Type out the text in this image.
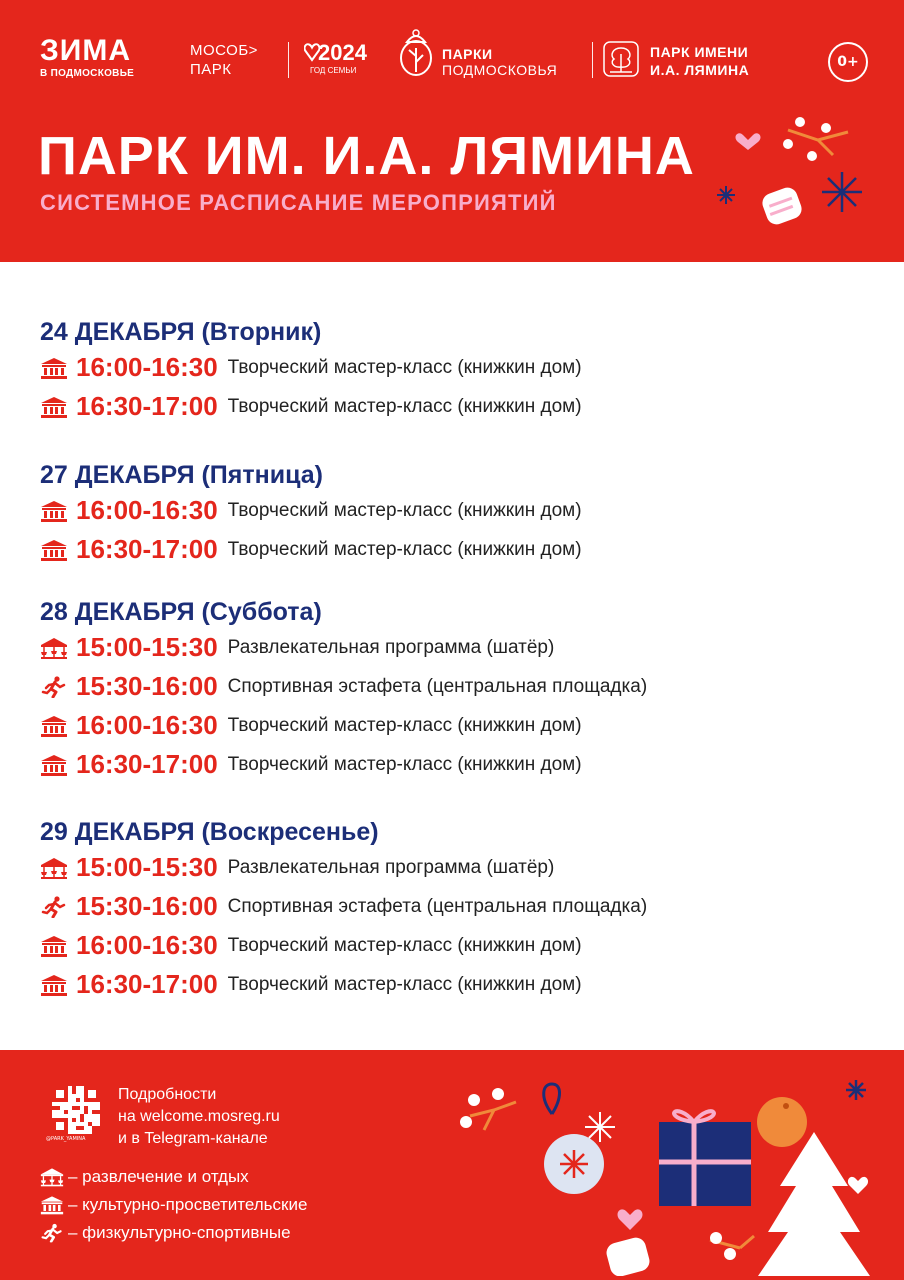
ЗИМА
В ПОДМОСКОВЬЕ
МОСОБ>
ПАРК
2024
ГОД СЕМЬИ
ПАРКИ
ПОДМОСКОВЬЯ
ПАРК ИМЕНИ
И.А. ЛЯМИНА	0+
ПАРК ИМ. И.А. ЛЯМИНА
СИСТЕМНОЕ РАСПИСАНИЕ МЕРОПРИЯТИЙ
24 ДЕКАБРЯ (Вторник)
16:00-16:30 Творческий мастер-класс (книжкин дом)
16:30-17:00 Творческий мастер-класс (книжкин дом)
27 ДЕКАБРЯ (Пятница)
16:00-16:30 Творческий мастер-класс (книжкин дом)
16:30-17:00 Творческий мастер-класс (книжкин дом)
28 ДЕКАБРЯ (Суббота)
15:00-15:30 Развлекательная программа (шатёр)
15:30-16:00 Спортивная эстафета (центральная площадка)
16:00-16:30 Творческий мастер-класс (книжкин дом)
16:30-17:00 Творческий мастер-класс (книжкин дом)
29 ДЕКАБРЯ (Воскресенье)
15:00-15:30 Развлекательная программа (шатёр)
15:30-16:00 Спортивная эстафета (центральная площадка)
16:00-16:30 Творческий мастер-класс (книжкин дом)
16:30-17:00 Творческий мастер-класс (книжкин дом)
@PARK_YAMINA
Подробности
на welcome.mosreg.ru
и в Telegram-канале
– развлечение и отдых
– культурно-просветительские
– физкультурно-спортивные
